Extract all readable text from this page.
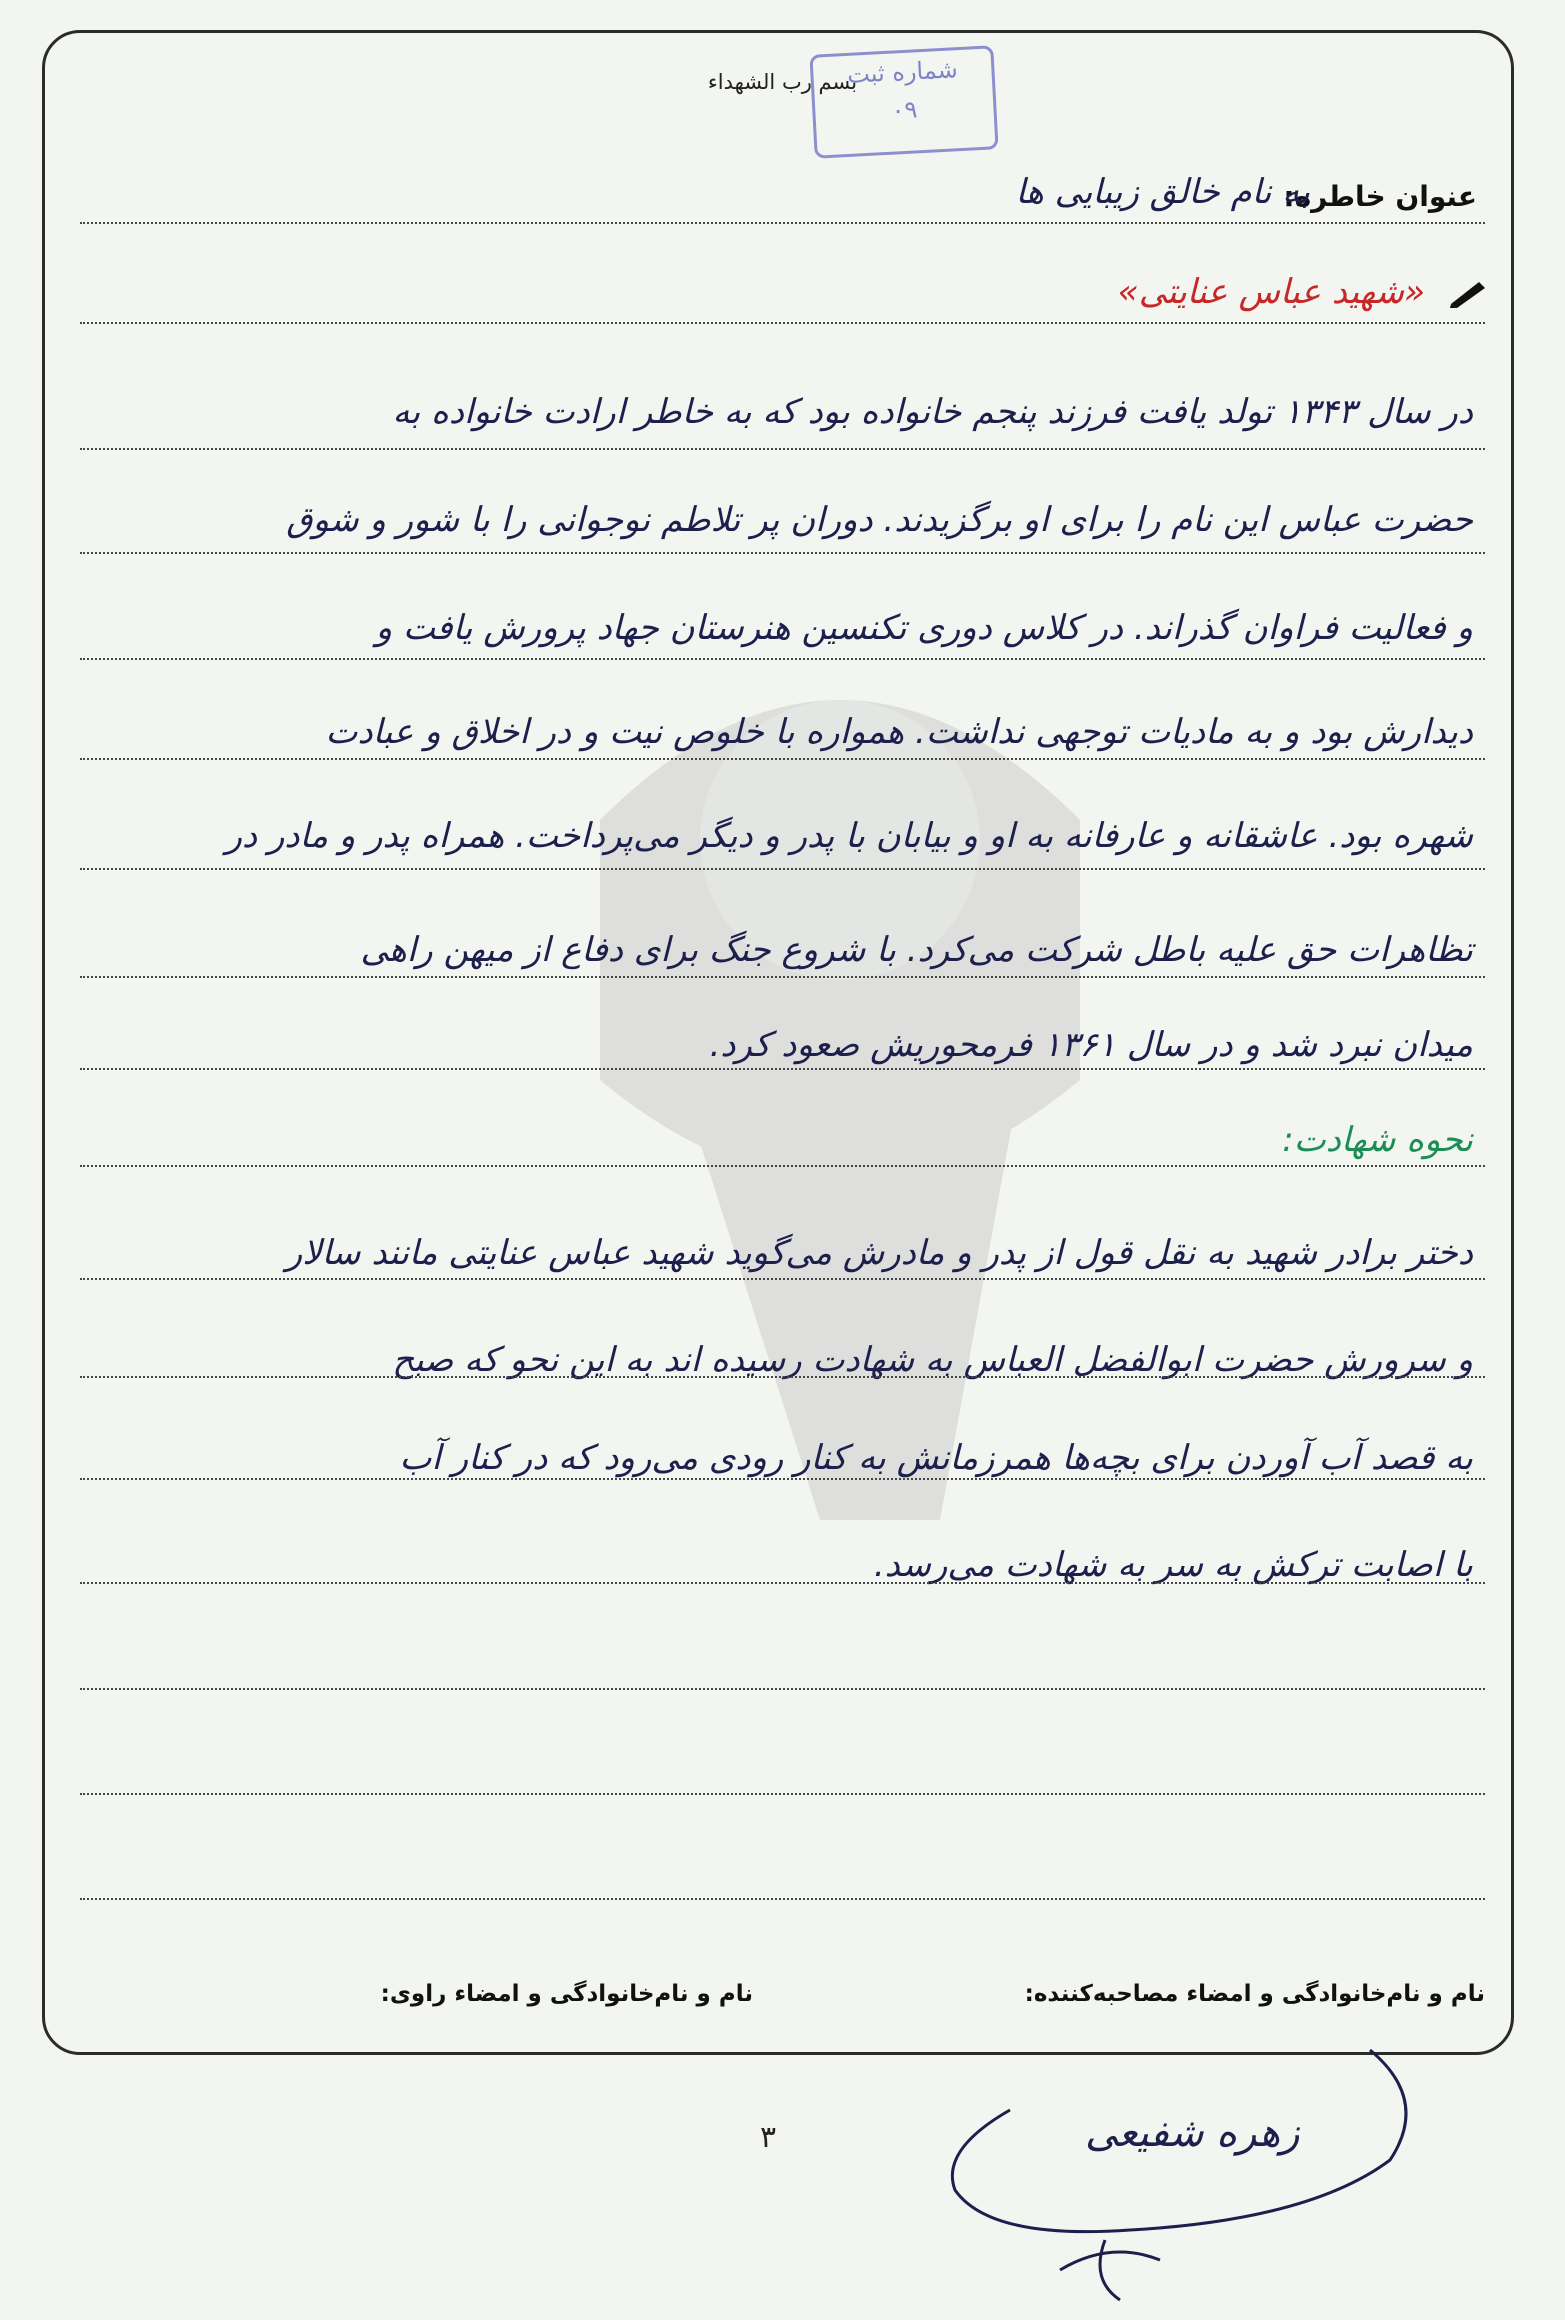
شماره ثبت
۰۹
بسم رب الشهداء
عنوان خاطره:
به نام خالق زیبایی ها
«شهید عباس عنایتی»
در سال ۱۳۴۳ تولد یافت فرزند پنجم خانواده بود که به خاطر ارادت خانواده به
حضرت عباس این نام را برای او برگزیدند. دوران پر تلاطم نوجوانی را با شور و شوق
و فعالیت فراوان گذراند. در کلاس دوری تکنسین هنرستان جهاد پرورش یافت و
دیدارش بود و به مادیات توجهی نداشت. همواره با خلوص نیت و در اخلاق و عبادت
شهره بود. عاشقانه و عارفانه به او و بیابان با پدر و دیگر می‌پرداخت. همراه پدر و مادر در
تظاهرات حق علیه باطل شرکت می‌کرد. با شروع جنگ برای دفاع از میهن راهی
میدان نبرد شد و در سال ۱۳۶۱ فرمحوریش صعود کرد.
نحوه شهادت:
دختر برادر شهید به نقل قول از پدر و مادرش می‌گوید شهید عباس عنایتی مانند سالار
و سرورش حضرت ابوالفضل العباس به شهادت رسیده اند به این نحو که صبح
به قصد آب آوردن برای بچه‌ها همرزمانش به کنار رودی می‌رود که در کنار آب
با اصابت ترکش به سر به شهادت می‌رسد.
نام و نام‌خانوادگی و امضاء مصاحبه‌کننده:
نام و نام‌خانوادگی و امضاء راوی:
زهره شفیعی
۳
